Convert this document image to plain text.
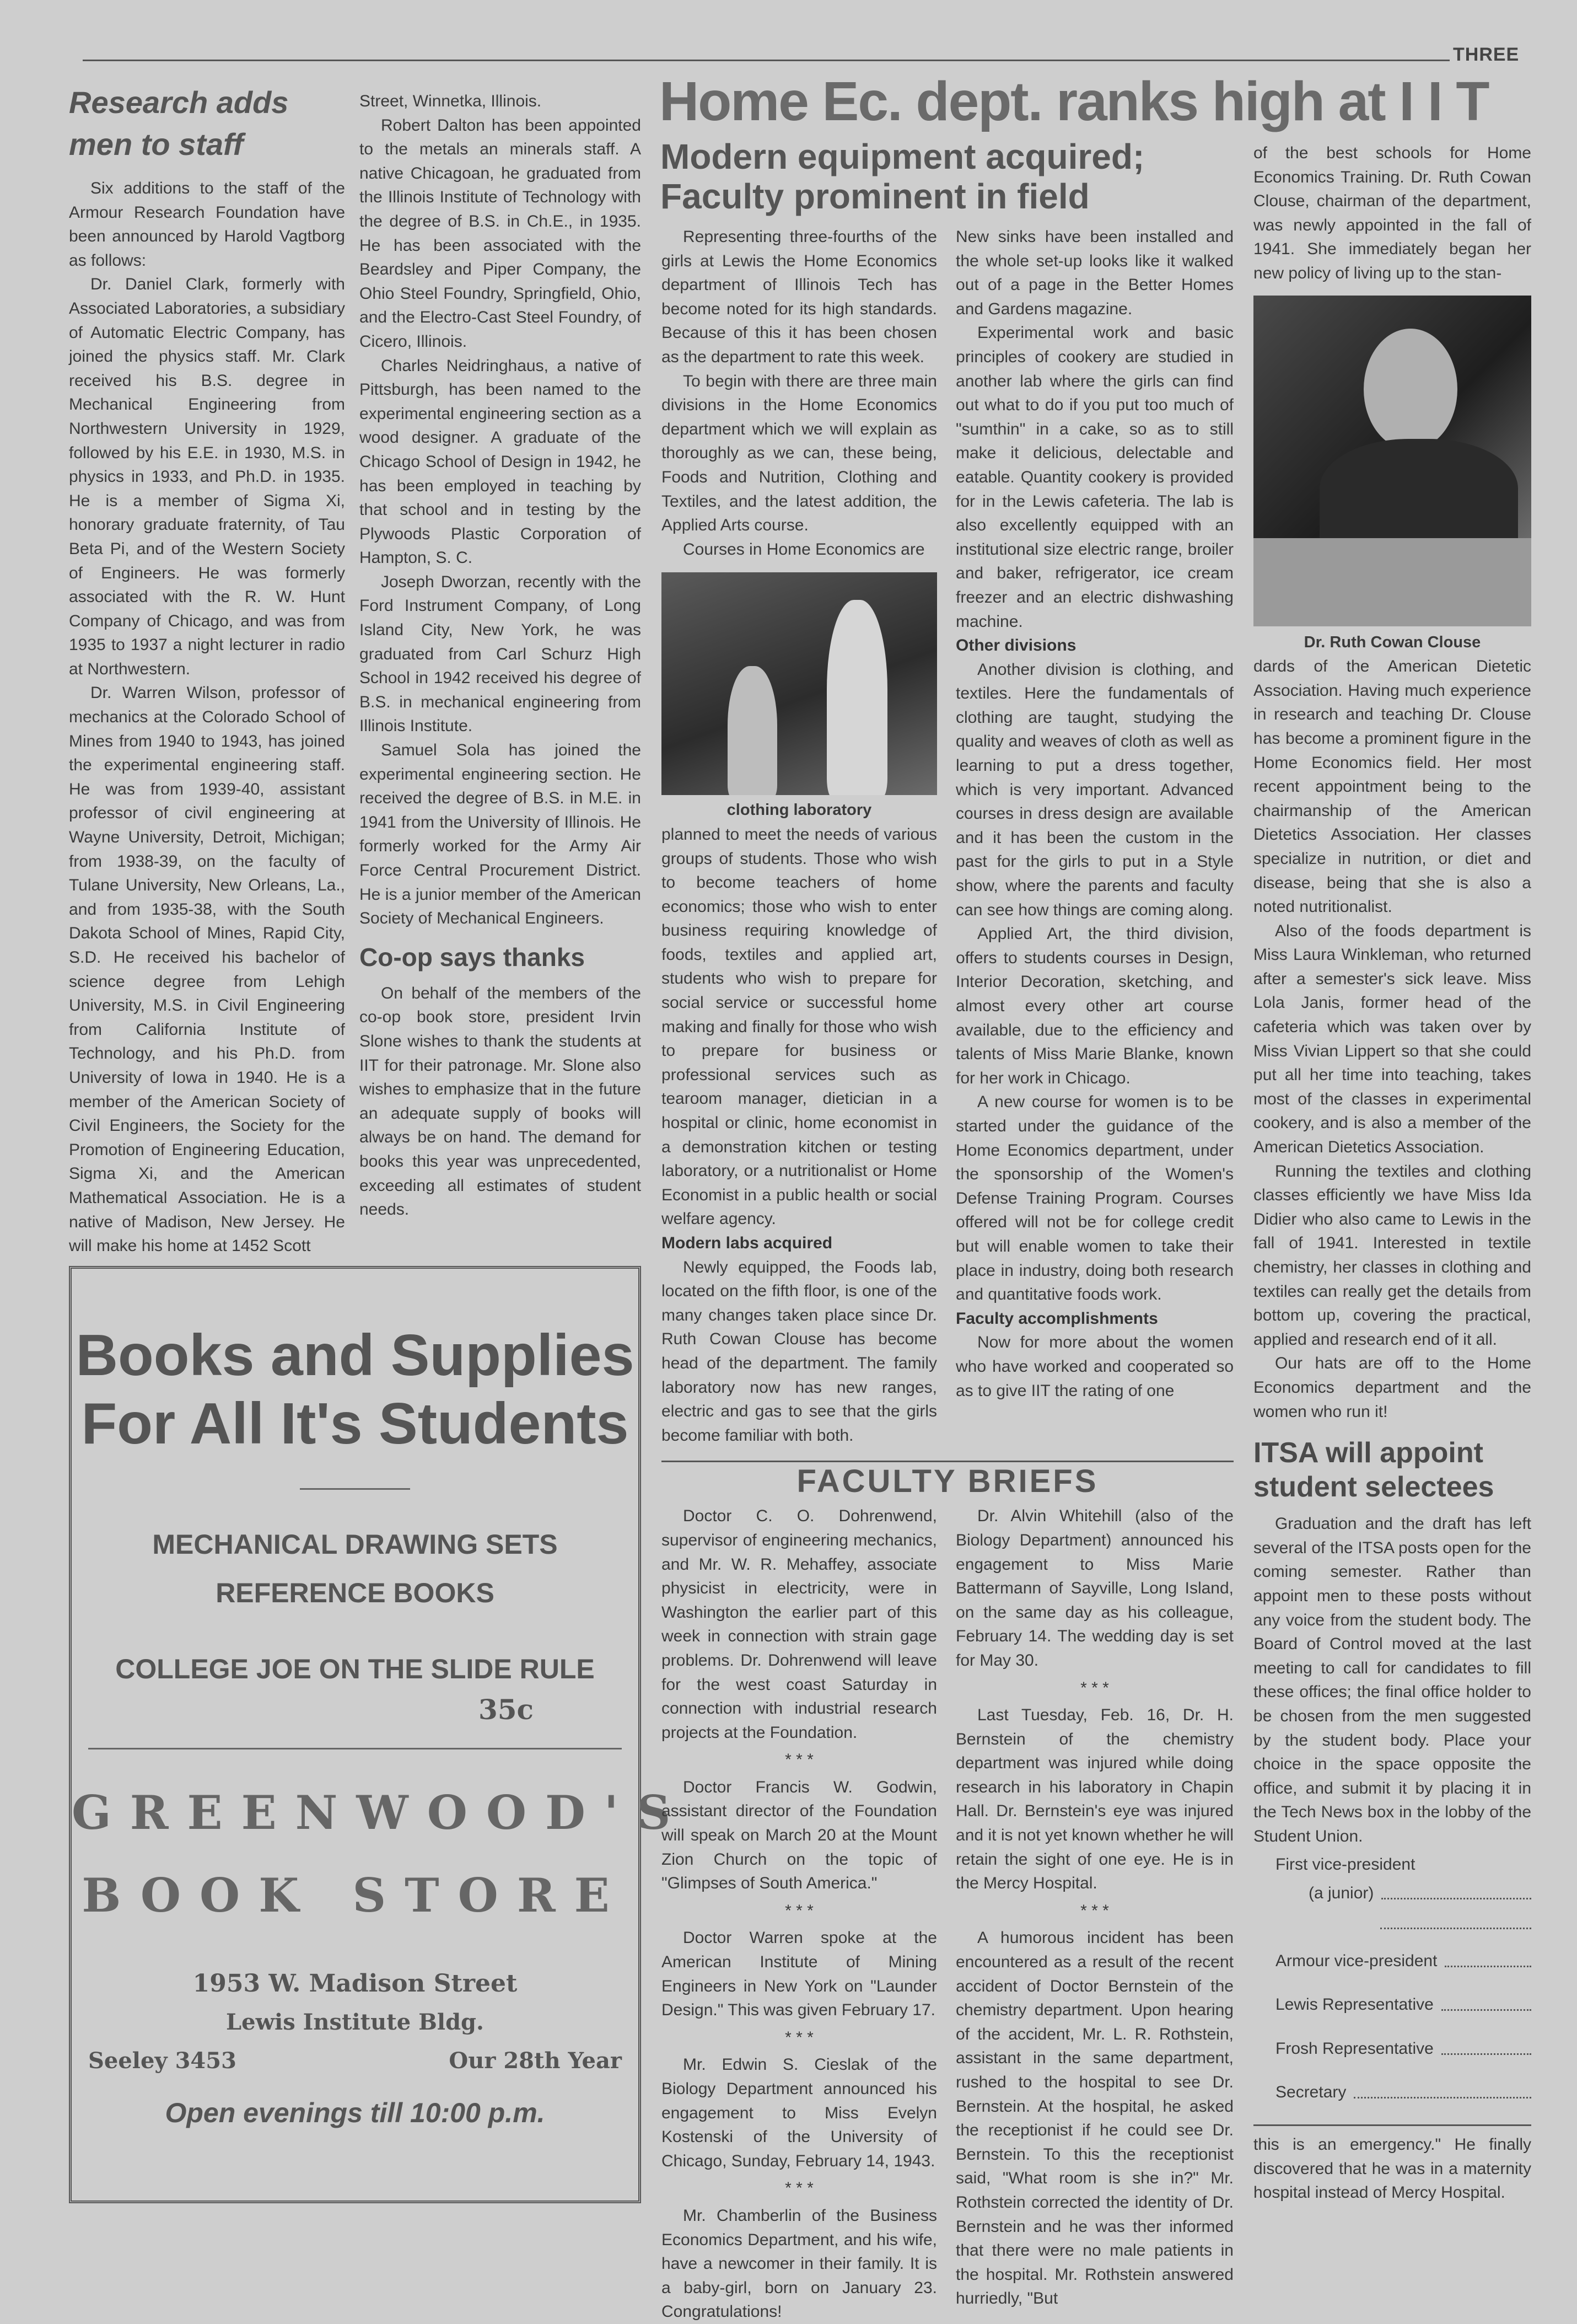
THREE
Research adds men to staff

Six additions to the staff of the Armour Research Foundation have been announced by Harold Vagtborg as follows:

Dr. Daniel Clark, formerly with Associated Laboratories, a subsidiary of Automatic Electric Company, has joined the physics staff. Mr. Clark received his B.S. degree in Mechanical Engineering from Northwestern University in 1929, followed by his E.E. in 1930, M.S. in physics in 1933, and Ph.D. in 1935. He is a member of Sigma Xi, honorary graduate fraternity, of Tau Beta Pi, and of the Western Society of Engineers. He was formerly associated with the R. W. Hunt Company of Chicago, and was from 1935 to 1937 a night lecturer in radio at Northwestern.

Dr. Warren Wilson, professor of mechanics at the Colorado School of Mines from 1940 to 1943, has joined the experimental engineering staff. He was from 1939-40, assistant professor of civil engineering at Wayne University, Detroit, Michigan; from 1938-39, on the faculty of Tulane University, New Orleans, La., and from 1935-38, with the South Dakota School of Mines, Rapid City, S.D. He received his bachelor of science degree from Lehigh University, M.S. in Civil Engineering from California Institute of Technology, and his Ph.D. from University of Iowa in 1940. He is a member of the American Society of Civil Engineers, the Society for the Promotion of Engineering Education, Sigma Xi, and the American Mathematical Association. He is a native of Madison, New Jersey. He will make his home at 1452 Scott

Street, Winnetka, Illinois.

Robert Dalton has been appointed to the metals an minerals staff. A native Chicagoan, he graduated from the Illinois Institute of Technology with the degree of B.S. in Ch.E., in 1935. He has been associated with the Beardsley and Piper Company, the Ohio Steel Foundry, Springfield, Ohio, and the Electro-Cast Steel Foundry, of Cicero, Illinois.

Charles Neidringhaus, a native of Pittsburgh, has been named to the experimental engineering section as a wood designer. A graduate of the Chicago School of Design in 1942, he has been employed in teaching by that school and in testing by the Plywoods Plastic Corporation of Hampton, S. C.

Joseph Dworzan, recently with the Ford Instrument Company, of Long Island City, New York, he was graduated from Carl Schurz High School in 1942 received his degree of B.S. in mechanical engineering from Illinois Institute.

Samuel Sola has joined the experimental engineering section. He received the degree of B.S. in M.E. in 1941 from the University of Illinois. He formerly worked for the Army Air Force Central Procurement District. He is a junior member of the American Society of Mechanical Engineers.

Co-op says thanks

On behalf of the members of the co-op book store, president Irvin Slone wishes to thank the students at IIT for their patronage. Mr. Slone also wishes to emphasize that in the future an adequate supply of books will always be on hand. The demand for books this year was unprecedented, exceeding all estimates of student needs.

Books and Supplies
For All It's Students
MECHANICAL DRAWING SETS
REFERENCE BOOKS
COLLEGE JOE ON THE SLIDE RULE
35c
GREENWOOD'S
BOOK STORE
1953 W. Madison Street
Lewis Institute Bldg.
Seeley 3453	Our 28th Year
Open evenings till 10:00 p.m.
Home Ec. dept. ranks high at I I T
Modern equipment acquired; Faculty prominent in field

Representing three-fourths of the girls at Lewis the Home Economics department of Illinois Tech has become noted for its high standards. Because of this it has been chosen as the department to rate this week.

To begin with there are three main divisions in the Home Economics department which we will explain as thoroughly as we can, these being, Foods and Nutrition, Clothing and Textiles, and the latest addition, the Applied Arts course.

Courses in Home Economics are

clothing laboratory

planned to meet the needs of various groups of students. Those who wish to become teachers of home economics; those who wish to enter business requiring knowledge of foods, textiles and applied art, students who wish to prepare for social service or successful home making and finally for those who wish to prepare for business or professional services such as tearoom manager, dietician in a hospital or clinic, home economist in a demonstration kitchen or testing laboratory, or a nutritionalist or Home Economist in a public health or social welfare agency.

Modern labs acquired

Newly equipped, the Foods lab, located on the fifth floor, is one of the many changes taken place since Dr. Ruth Cowan Clouse has become head of the department. The family laboratory now has new ranges, electric and gas to see that the girls become familiar with both.

New sinks have been installed and the whole set-up looks like it walked out of a page in the Better Homes and Gardens magazine.

Experimental work and basic principles of cookery are studied in another lab where the girls can find out what to do if you put too much of "sumthin" in a cake, so as to still make it delicious, delectable and eatable. Quantity cookery is provided for in the Lewis cafeteria. The lab is also excellently equipped with an institutional size electric range, broiler and baker, refrigerator, ice cream freezer and an electric dishwashing machine.

Other divisions

Another division is clothing, and textiles. Here the fundamentals of clothing are taught, studying the quality and weaves of cloth as well as learning to put a dress together, which is very important. Advanced courses in dress design are available and it has been the custom in the past for the girls to put in a Style show, where the parents and faculty can see how things are coming along.

Applied Art, the third division, offers to students courses in Design, Interior Decoration, sketching, and almost every other art course available, due to the efficiency and talents of Miss Marie Blanke, known for her work in Chicago.

A new course for women is to be started under the guidance of the Home Economics department, under the sponsorship of the Women's Defense Training Program. Courses offered will not be for college credit but will enable women to take their place in industry, doing both research and quantitative foods work.

Faculty accomplishments

Now for more about the women who have worked and cooperated so as to give IIT the rating of one

FACULTY BRIEFS

Doctor C. O. Dohrenwend, supervisor of engineering mechanics, and Mr. W. R. Mehaffey, associate physicist in electricity, were in Washington the earlier part of this week in connection with strain gage problems. Dr. Dohrenwend will leave for the west coast Saturday in connection with industrial research projects at the Foundation.

* * *

Doctor Francis W. Godwin, assistant director of the Foundation will speak on March 20 at the Mount Zion Church on the topic of "Glimpses of South America."

* * *

Doctor Warren spoke at the American Institute of Mining Engineers in New York on "Launder Design." This was given February 17.

* * *

Mr. Edwin S. Cieslak of the Biology Department announced his engagement to Miss Evelyn Kostenski of the University of Chicago, Sunday, February 14, 1943.

* * *

Mr. Chamberlin of the Business Economics Department, and his wife, have a newcomer in their family. It is a baby-girl, born on January 23. Congratulations!

Dr. Alvin Whitehill (also of the Biology Department) announced his engagement to Miss Marie Battermann of Sayville, Long Island, on the same day as his colleague, February 14. The wedding day is set for May 30.

* * *

Last Tuesday, Feb. 16, Dr. H. Bernstein of the chemistry department was injured while doing research in his laboratory in Chapin Hall. Dr. Bernstein's eye was injured and it is not yet known whether he will retain the sight of one eye. He is in the Mercy Hospital.

* * *

A humorous incident has been encountered as a result of the recent accident of Doctor Bernstein of the chemistry department. Upon hearing of the accident, Mr. L. R. Rothstein, assistant in the same department, rushed to the hospital to see Dr. Bernstein. At the hospital, he asked the receptionist if he could see Dr. Bernstein. To this the receptionist said, "What room is she in?" Mr. Rothstein corrected the identity of Dr. Bernstein and he was ther informed that there were no male patients in the hospital. Mr. Rothstein answered hurriedly, "But

of the best schools for Home Economics Training. Dr. Ruth Cowan Clouse, chairman of the department, was newly appointed in the fall of 1941. She immediately began her new policy of living up to the stan-

Dr. Ruth Cowan Clouse

dards of the American Dietetic Association. Having much experience in research and teaching Dr. Clouse has become a prominent figure in the Home Economics field. Her most recent appointment being to the chairmanship of the American Dietetics Association. Her classes specialize in nutrition, or diet and disease, being that she is also a noted nutritionalist.

Also of the foods department is Miss Laura Winkleman, who returned after a semester's sick leave. Miss Lola Janis, former head of the cafeteria which was taken over by Miss Vivian Lippert so that she could put all her time into teaching, takes most of the classes in experimental cookery, and is also a member of the American Dietetics Association.

Running the textiles and clothing classes efficiently we have Miss Ida Didier who also came to Lewis in the fall of 1941. Interested in textile chemistry, her classes in clothing and textiles can really get the details from bottom up, covering the practical, applied and research end of it all.

Our hats are off to the Home Economics department and the women who run it!

ITSA will appoint student selectees

Graduation and the draft has left several of the ITSA posts open for the coming semester. Rather than appoint men to these posts without any voice from the student body. The Board of Control moved at the last meeting to call for candidates to fill these offices; the final office holder to be chosen from the men suggested by the student body. Place your choice in the space opposite the office, and submit it by placing it in the Tech News box in the lobby of the Student Union.

First vice-president
(a junior)
Armour vice-president
Lewis Representative
Frosh Representative
Secretary

this is an emergency." He finally discovered that he was in a maternity hospital instead of Mercy Hospital.
